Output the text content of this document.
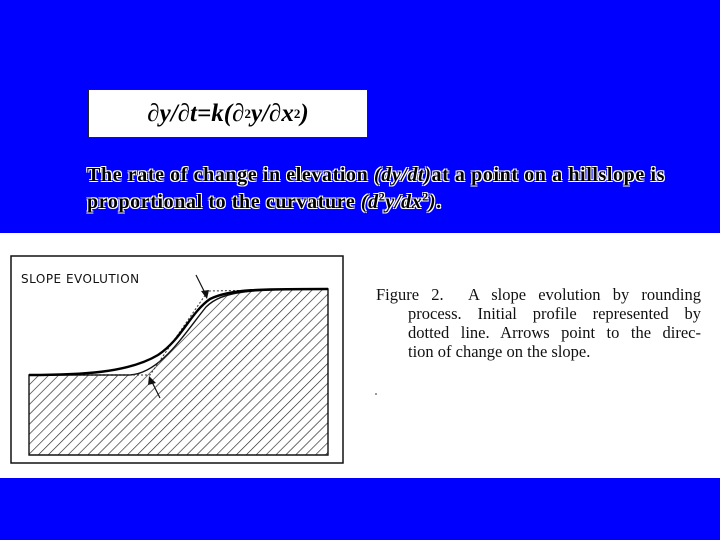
∂y / ∂t = k (∂ 2 y / ∂x 2 )
The rate of change in elevation (dy/dt)at a point on a hillslope is proportional to the curvature $(d^2y/dx^2)$.
SLOPE EVOLUTION
Figure 2. A slope evolution by rounding
process. Initial profile represented by
dotted line. Arrows point to the direc-
tion of change on the slope.
